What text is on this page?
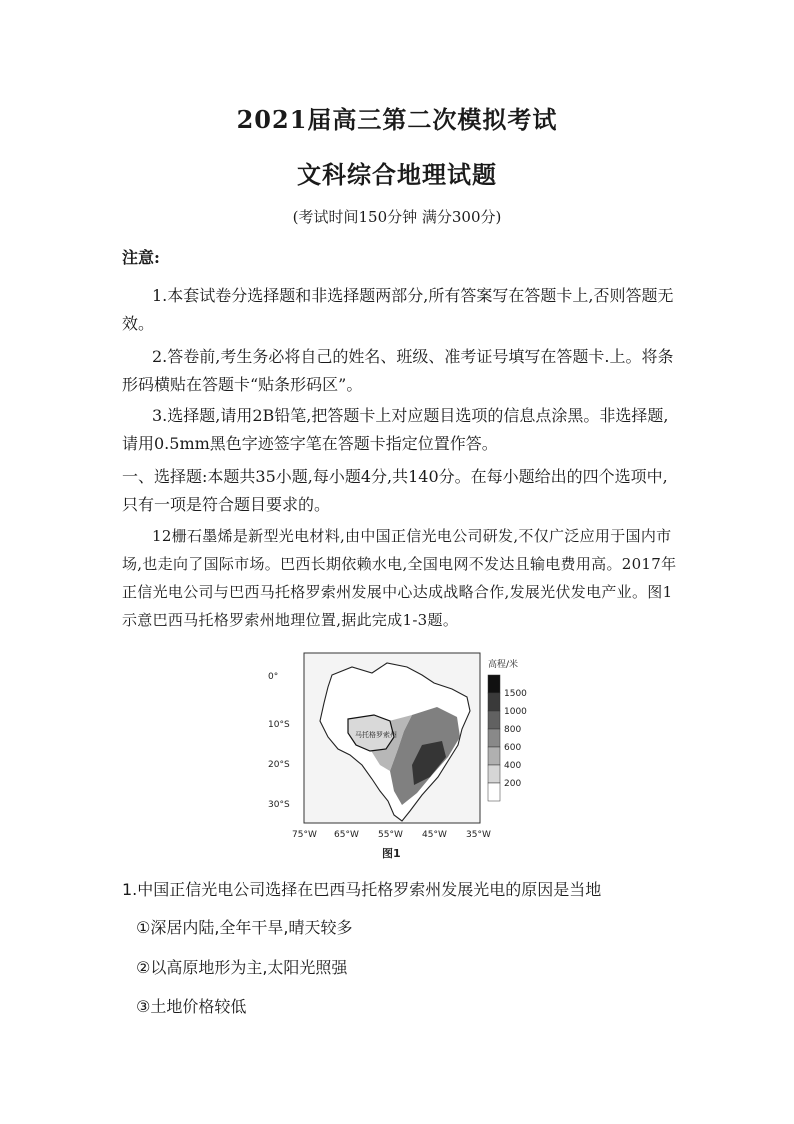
2021届高三第二次模拟考试
文科综合地理试题
(考试时间150分钟 满分300分)
注意:

1.本套试卷分选择题和非选择题两部分,所有答案写在答题卡上,否则答题无效。

2.答卷前,考生务必将自己的姓名、班级、准考证号填写在答题卡.上。将条形码横贴在答题卡“贴条形码区”。

3.选择题,请用2B铅笔,把答题卡上对应题目选项的信息点涂黑。非选择题,请用0.5mm黑色字迹签字笔在答题卡指定位置作答。

一、选择题:本题共35小题,每小题4分,共140分。在每小题给出的四个选项中,只有一项是符合题目要求的。

12栅石墨烯是新型光电材料,由中国正信光电公司研发,不仅广泛应用于国内市场,也走向了国际市场。巴西长期依赖水电,全国电网不发达且输电费用高。2017年正信光电公司与巴西马托格罗索州发展中心达成战略合作,发展光伏发电产业。图1示意巴西马托格罗索州地理位置,据此完成1-3题。

马托格罗索州
0°
10°S
20°S
30°S
75°W 65°W 55°W 45°W 35°W
高程/米
1500
1000
800
600
400
200
图1
1.中国正信光电公司选择在巴西马托格罗索州发展光电的原因是当地
①深居内陆,全年干旱,晴天较多
②以高原地形为主,太阳光照强
③土地价格较低
